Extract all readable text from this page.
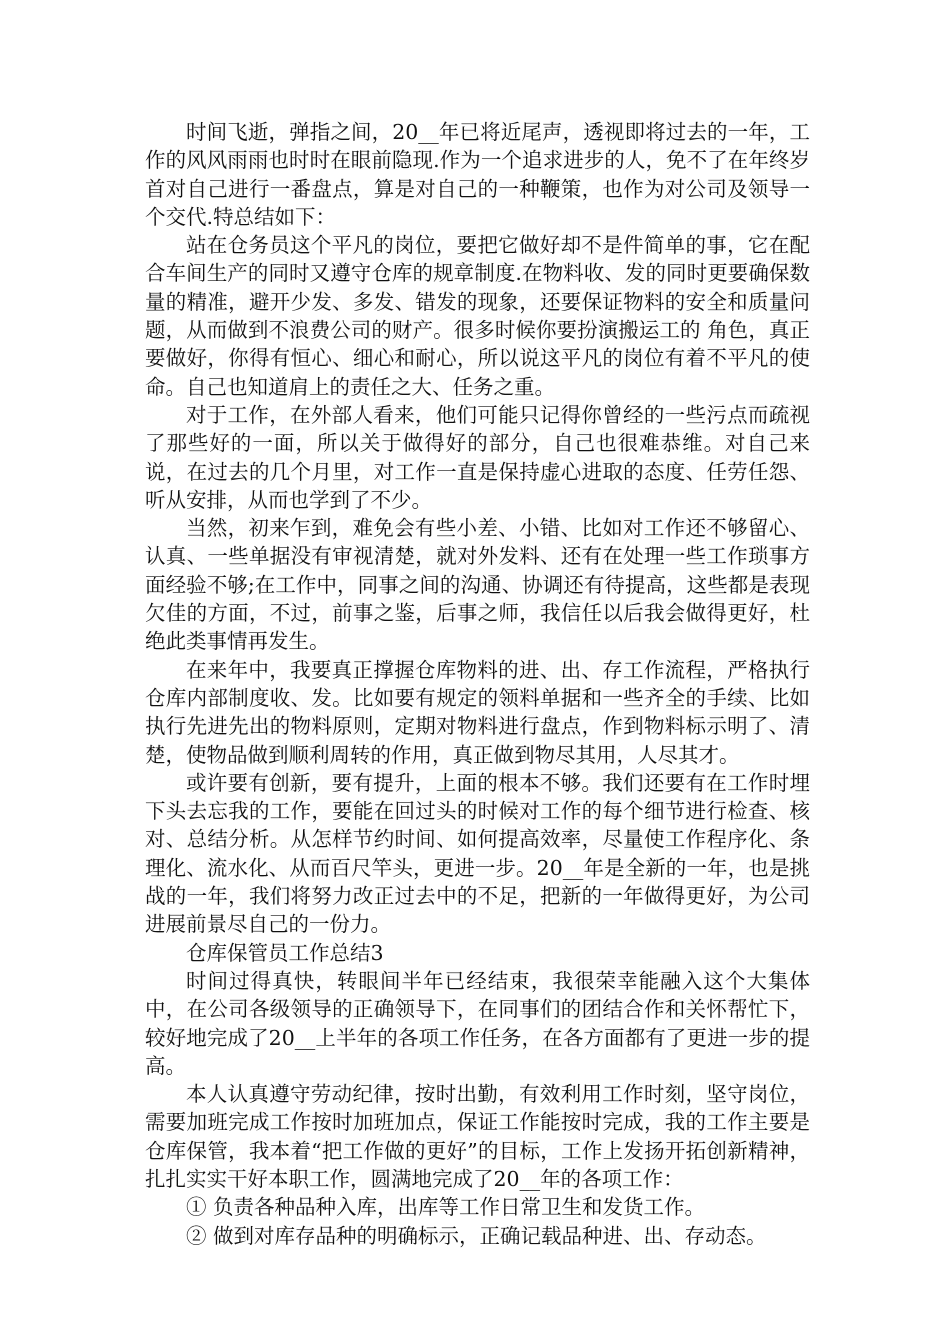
时间飞逝，弹指之间，20__年已将近尾声，透视即将过去的一年，工作的风风雨雨也时时在眼前隐现.作为一个追求进步的人，免不了在年终岁首对自己进行一番盘点，算是对自己的一种鞭策，也作为对公司及领导一个交代.特总结如下：

站在仓务员这个平凡的岗位，要把它做好却不是件简单的事，它在配合车间生产的同时又遵守仓库的规章制度.在物料收、发的同时更要确保数量的精准，避开少发、多发、错发的现象，还要保证物料的安全和质量问题，从而做到不浪费公司的财产。很多时候你要扮演搬运工的 角色，真正要做好，你得有恒心、细心和耐心，所以说这平凡的岗位有着不平凡的使命。自己也知道肩上的责任之大、任务之重。

对于工作，在外部人看来，他们可能只记得你曾经的一些污点而疏视了那些好的一面，所以关于做得好的部分，自己也很难恭维。对自己来说，在过去的几个月里，对工作一直是保持虚心进取的态度、任劳任怨、听从安排，从而也学到了不少。

当然，初来乍到，难免会有些小差、小错、比如对工作还不够留心、认真、一些单据没有审视清楚，就对外发料、还有在处理一些工作琐事方面经验不够;在工作中，同事之间的沟通、协调还有待提高，这些都是表现欠佳的方面，不过，前事之鉴，后事之师，我信任以后我会做得更好，杜绝此类事情再发生。

在来年中，我要真正撑握仓库物料的进、出、存工作流程，严格执行仓库内部制度收、发。比如要有规定的领料单据和一些齐全的手续、比如执行先进先出的物料原则，定期对物料进行盘点，作到物料标示明了、清楚，使物品做到顺利周转的作用，真正做到物尽其用，人尽其才。

或许要有创新，要有提升，上面的根本不够。我们还要有在工作时埋下头去忘我的工作，要能在回过头的时候对工作的每个细节进行检查、核对、总结分析。从怎样节约时间、如何提高效率，尽量使工作程序化、条理化、流水化、从而百尺竿头，更进一步。20__年是全新的一年，也是挑战的一年，我们将努力改正过去中的不足，把新的一年做得更好，为公司进展前景尽自己的一份力。

仓库保管员工作总结3

时间过得真快，转眼间半年已经结束，我很荣幸能融入这个大集体中，在公司各级领导的正确领导下，在同事们的团结合作和关怀帮忙下，较好地完成了20__上半年的各项工作任务，在各方面都有了更进一步的提高。

本人认真遵守劳动纪律，按时出勤，有效利用工作时刻，坚守岗位，需要加班完成工作按时加班加点，保证工作能按时完成，我的工作主要是仓库保管，我本着“把工作做的更好”的目标，工作上发扬开拓创新精神，扎扎实实干好本职工作，圆满地完成了20__年的各项工作：

① 负责各种品种入库，出库等工作日常卫生和发货工作。

② 做到对库存品种的明确标示，正确记载品种进、出、存动态。
